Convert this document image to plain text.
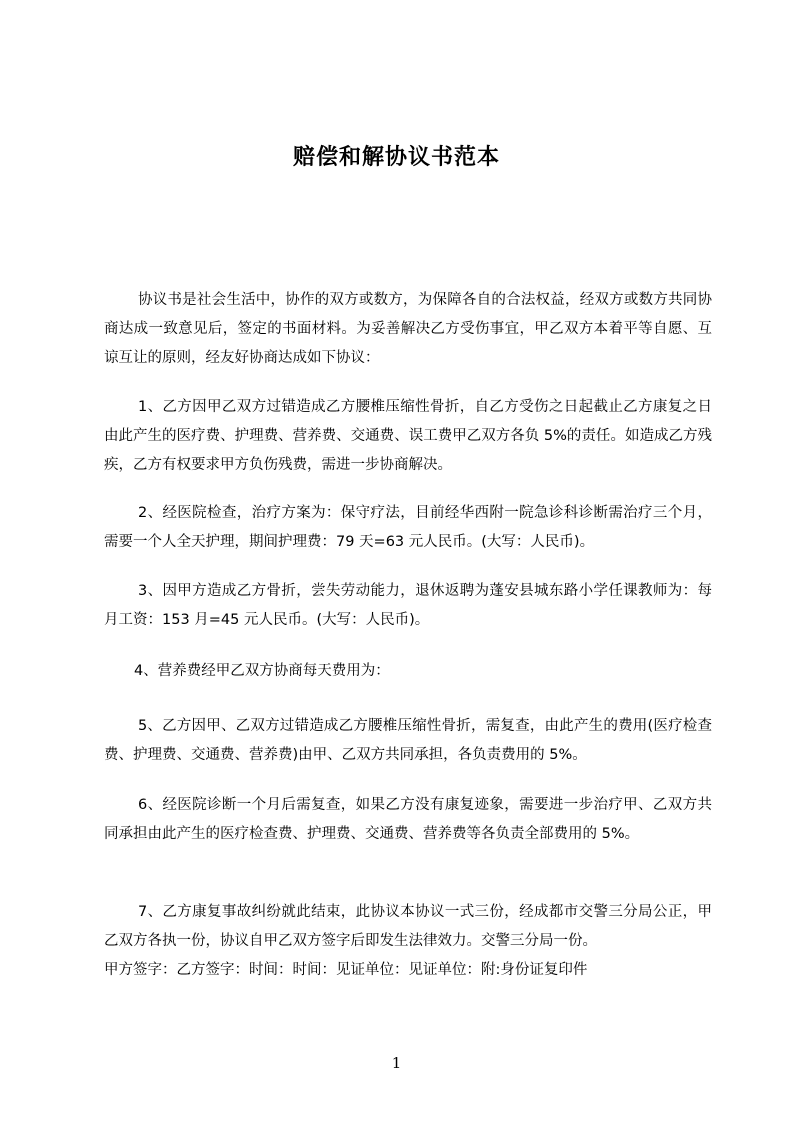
赔偿和解协议书范本
协议书是社会生活中，协作的双方或数方，为保障各自的合法权益，经双方或数方共同协商达成一致意见后，签定的书面材料。为妥善解决乙方受伤事宜，甲乙双方本着平等自愿、互谅互让的原则，经友好协商达成如下协议：
1、乙方因甲乙双方过错造成乙方腰椎压缩性骨折，自乙方受伤之日起截止乙方康复之日由此产生的医疗费、护理费、营养费、交通费、误工费甲乙双方各负 5%的责任。如造成乙方残疾，乙方有权要求甲方负伤残费，需进一步协商解决。
2、经医院检查，治疗方案为：保守疗法，目前经华西附一院急诊科诊断需治疗三个月，需要一个人全天护理，期间护理费：79 天=63 元人民币。(大写：人民币)。
3、因甲方造成乙方骨折，尝失劳动能力，退休返聘为蓬安县城东路小学任课教师为：每月工资：153 月=45 元人民币。(大写：人民币)。
4、营养费经甲乙双方协商每天费用为：
5、乙方因甲、乙双方过错造成乙方腰椎压缩性骨折，需复查，由此产生的费用(医疗检查费、护理费、交通费、营养费)由甲、乙双方共同承担，各负责费用的 5%。
6、经医院诊断一个月后需复查，如果乙方没有康复迹象，需要进一步治疗甲、乙双方共同承担由此产生的医疗检查费、护理费、交通费、营养费等各负责全部费用的 5%。
7、乙方康复事故纠纷就此结束，此协议本协议一式三份，经成都市交警三分局公正，甲乙双方各执一份，协议自甲乙双方签字后即发生法律效力。交警三分局一份。
甲方签字：乙方签字：时间：时间：见证单位：见证单位：附:身份证复印件
1
